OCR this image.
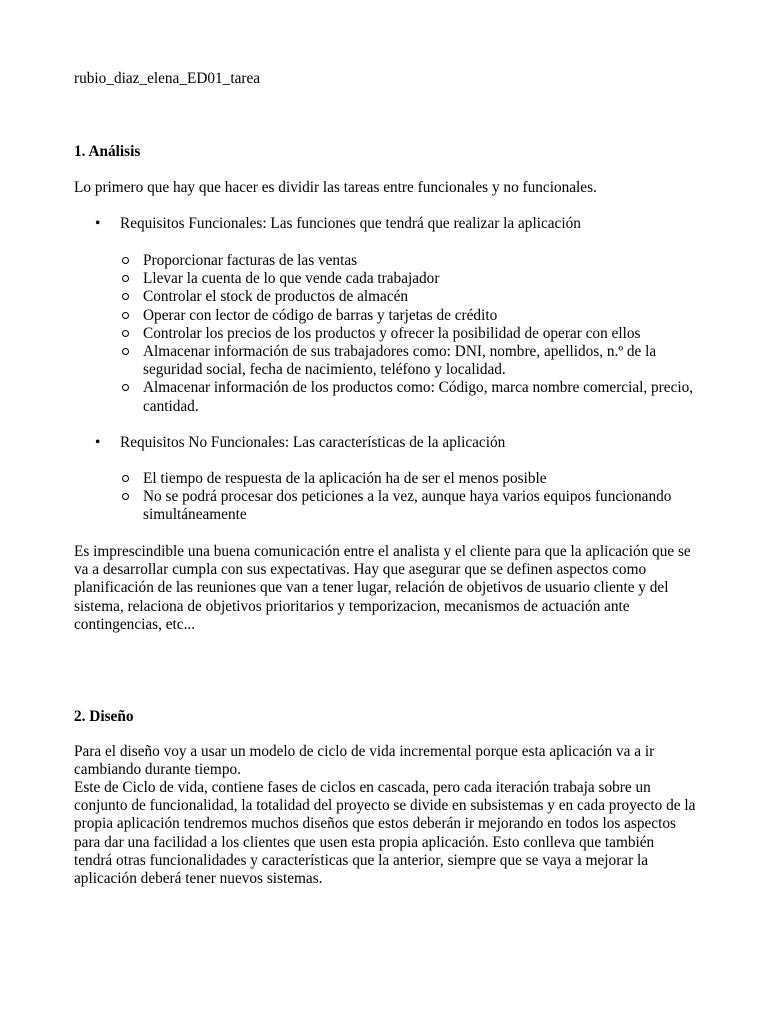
rubio_diaz_elena_ED01_tarea

1. Análisis

Lo primero que hay que hacer es dividir las tareas entre funcionales y no funcionales.

• Requisitos Funcionales: Las funciones que tendrá que realizar la aplicación
Proporcionar facturas de las ventas
Llevar la cuenta de lo que vende cada trabajador
Controlar el stock de productos de almacén
Operar con lector de código de barras y tarjetas de crédito
Controlar los precios de los productos y ofrecer la posibilidad de operar con ellos
Almacenar información de sus trabajadores como: DNI, nombre, apellidos, n.º de la seguridad social, fecha de nacimiento, teléfono y localidad.
Almacenar información de los productos como: Código, marca nombre comercial, precio, cantidad.
• Requisitos No Funcionales: Las características de la aplicación
El tiempo de respuesta de la aplicación ha de ser el menos posible
No se podrá procesar dos peticiones a la vez, aunque haya varios equipos funcionando simultáneamente

Es imprescindible una buena comunicación entre el analista y el cliente para que la aplicación que se va a desarrollar cumpla con sus expectativas. Hay que asegurar que se definen aspectos como planificación de las reuniones que van a tener lugar, relación de objetivos de usuario cliente y del sistema, relaciona de objetivos prioritarios y temporizacion, mecanismos de actuación ante contingencias, etc...

2. Diseño

Para el diseño voy a usar un modelo de ciclo de vida incremental porque esta aplicación va a ir cambiando durante tiempo.

Este de Ciclo de vida, contiene fases de ciclos en cascada, pero cada iteración trabaja sobre un conjunto de funcionalidad, la totalidad del proyecto se divide en subsistemas y en cada proyecto de la propia aplicación tendremos muchos diseños que estos deberán ir mejorando en todos los aspectos para dar una facilidad a los clientes que usen esta propia aplicación. Esto conlleva que también tendrá otras funcionalidades y características que la anterior, siempre que se vaya a mejorar la aplicación deberá tener nuevos sistemas.
